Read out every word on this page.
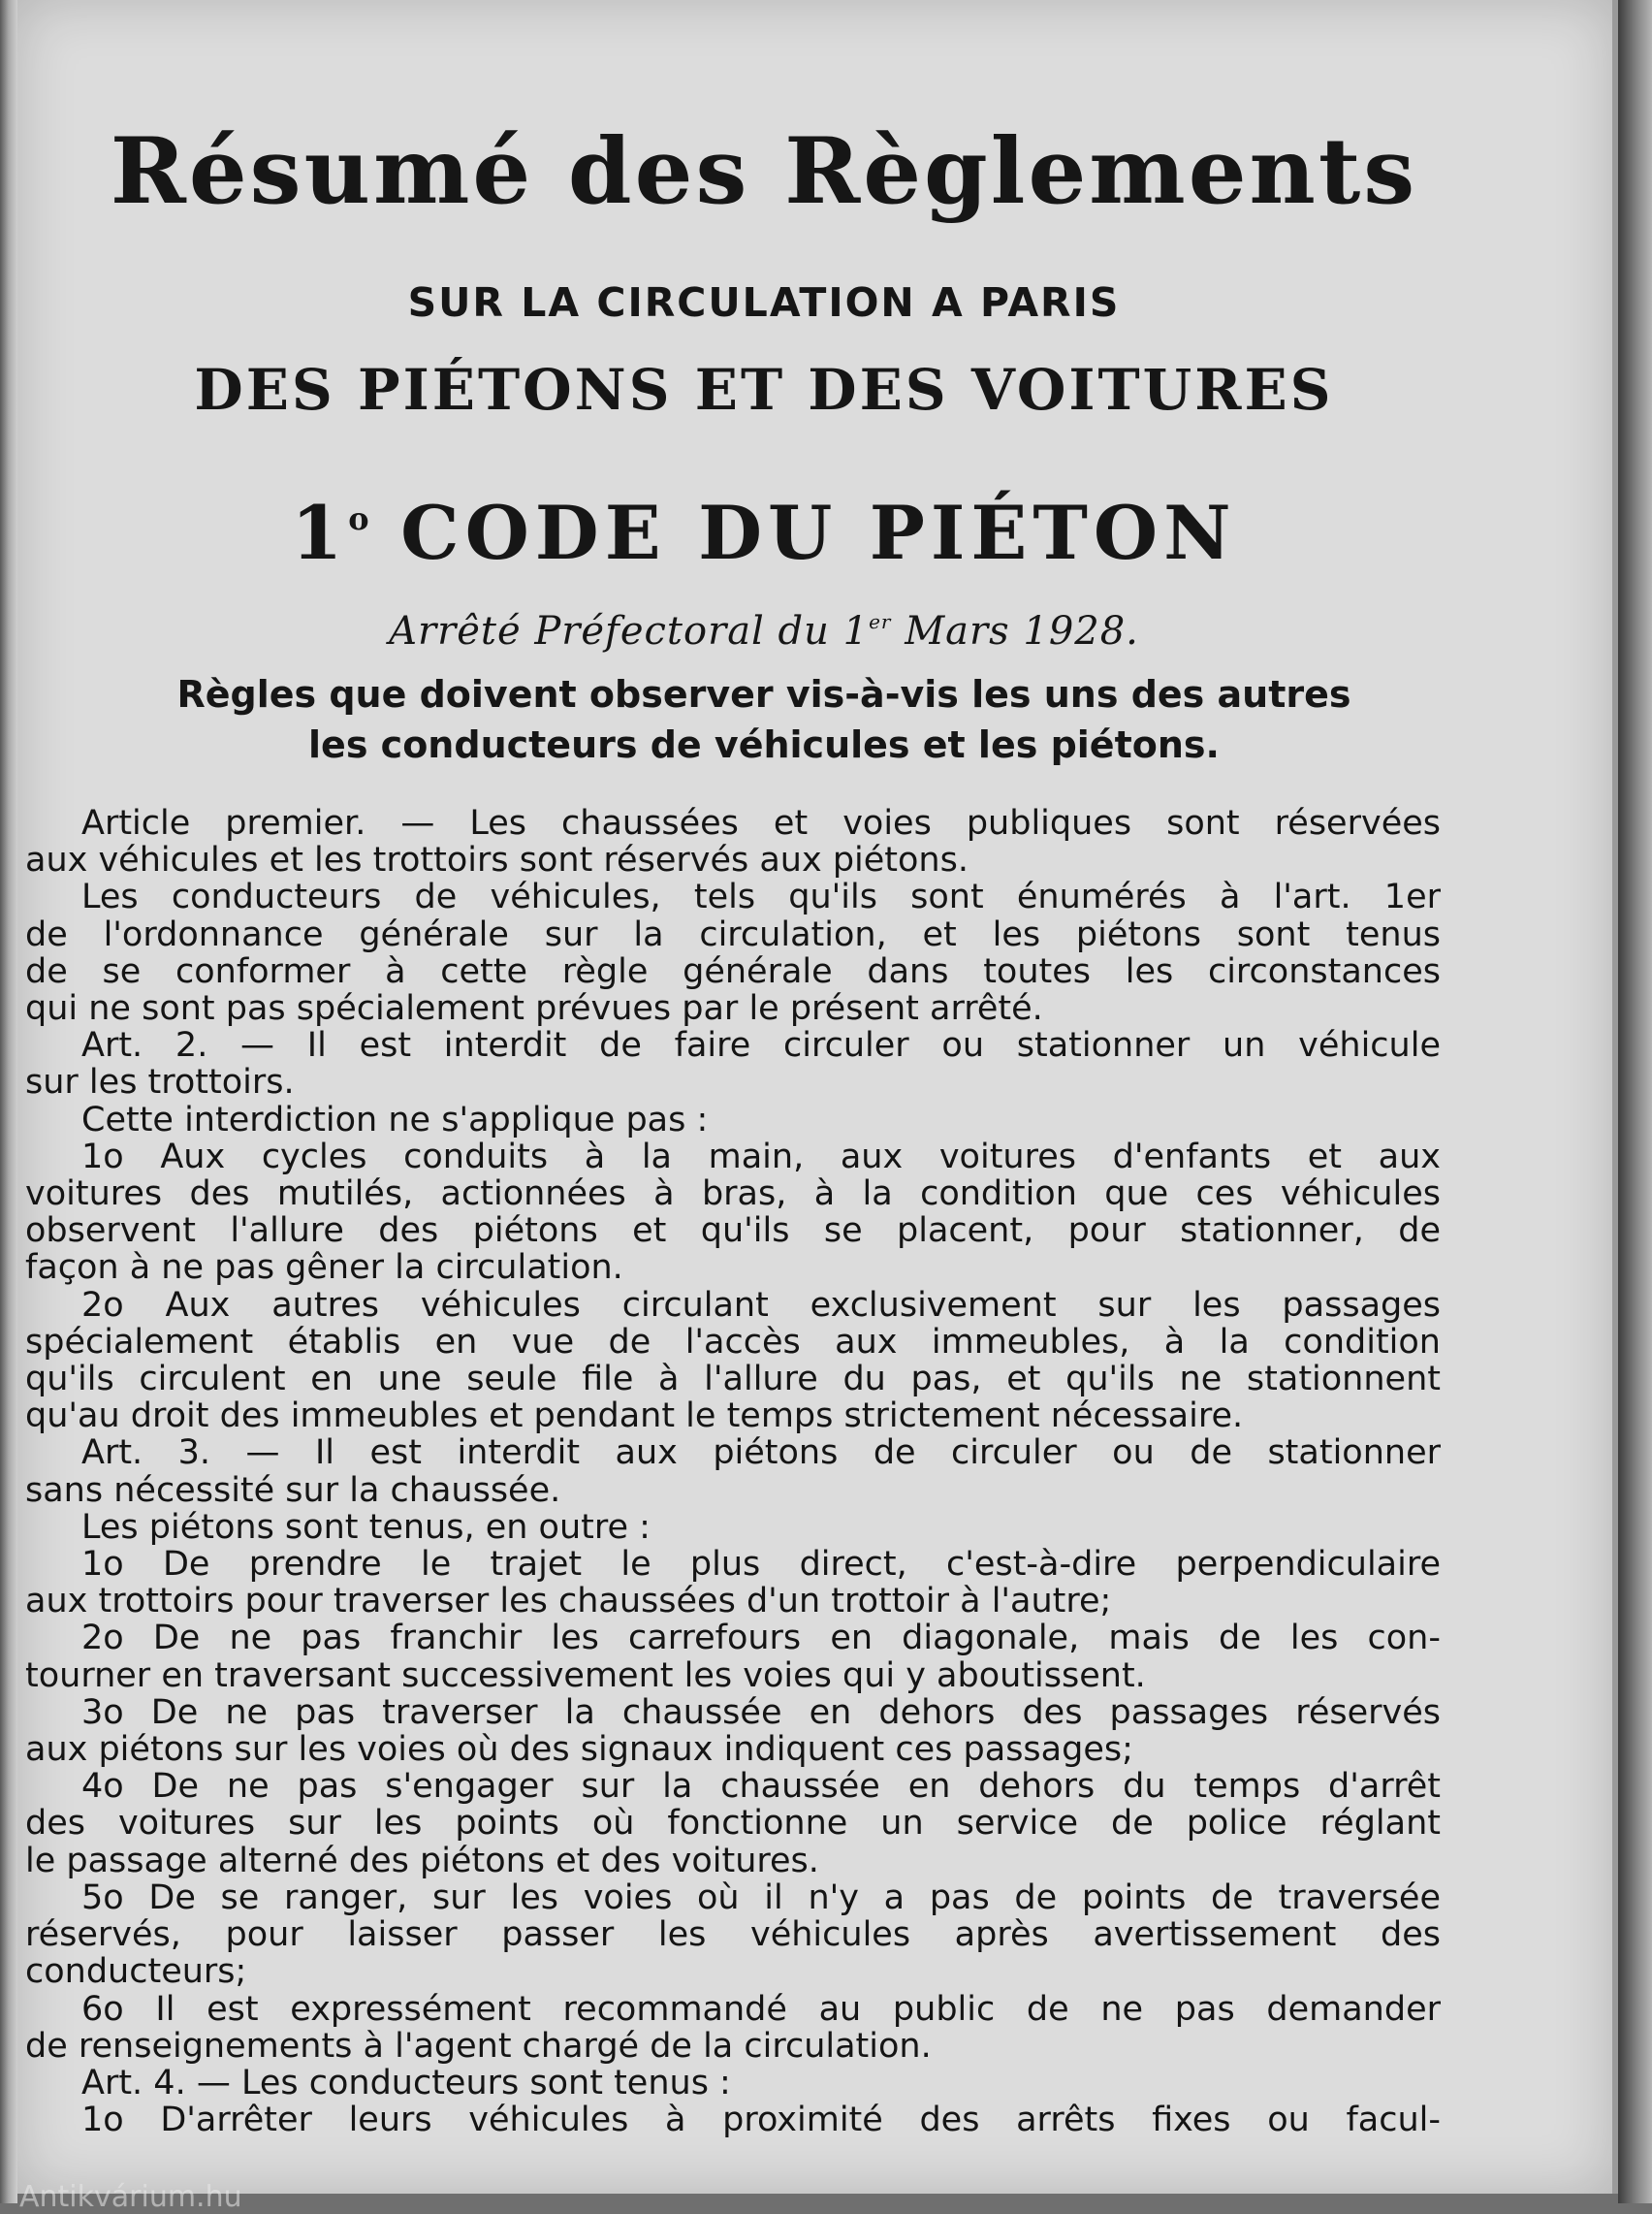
Résumé des Règlements
SUR LA CIRCULATION A PARIS
DES PIÉTONS ET DES VOITURES
1$^o$ CODE DU PIÉTON
Arrêté Préfectoral du 1er Mars 1928.
Règles que doivent observer vis-à-vis les uns des autres
les conducteurs de véhicules et les piétons.
Article premier. — Les chaussées et voies publiques sont réservées
aux véhicules et les trottoirs sont réservés aux piétons.
Les conducteurs de véhicules, tels qu'ils sont énumérés à l'art. 1er
de l'ordonnance générale sur la circulation, et les piétons sont tenus
de se conformer à cette règle générale dans toutes les circonstances
qui ne sont pas spécialement prévues par le présent arrêté.
Art. 2. — Il est interdit de faire circuler ou stationner un véhicule
sur les trottoirs.
Cette interdiction ne s'applique pas :
1o Aux cycles conduits à la main, aux voitures d'enfants et aux
voitures des mutilés, actionnées à bras, à la condition que ces véhicules
observent l'allure des piétons et qu'ils se placent, pour stationner, de
façon à ne pas gêner la circulation.
2o Aux autres véhicules circulant exclusivement sur les passages
spécialement établis en vue de l'accès aux immeubles, à la condition
qu'ils circulent en une seule file à l'allure du pas, et qu'ils ne stationnent
qu'au droit des immeubles et pendant le temps strictement nécessaire.
Art. 3. — Il est interdit aux piétons de circuler ou de stationner
sans nécessité sur la chaussée.
Les piétons sont tenus, en outre :
1o De prendre le trajet le plus direct, c'est-à-dire perpendiculaire
aux trottoirs pour traverser les chaussées d'un trottoir à l'autre;
2o De ne pas franchir les carrefours en diagonale, mais de les con-
tourner en traversant successivement les voies qui y aboutissent.
3o De ne pas traverser la chaussée en dehors des passages réservés
aux piétons sur les voies où des signaux indiquent ces passages;
4o De ne pas s'engager sur la chaussée en dehors du temps d'arrêt
des voitures sur les points où fonctionne un service de police réglant
le passage alterné des piétons et des voitures.
5o De se ranger, sur les voies où il n'y a pas de points de traversée
réservés, pour laisser passer les véhicules après avertissement des
conducteurs;
6o Il est expressément recommandé au public de ne pas demander
de renseignements à l'agent chargé de la circulation.
Art. 4. — Les conducteurs sont tenus :
1o D'arrêter leurs véhicules à proximité des arrêts fixes ou facul-
Antikvárium.hu
